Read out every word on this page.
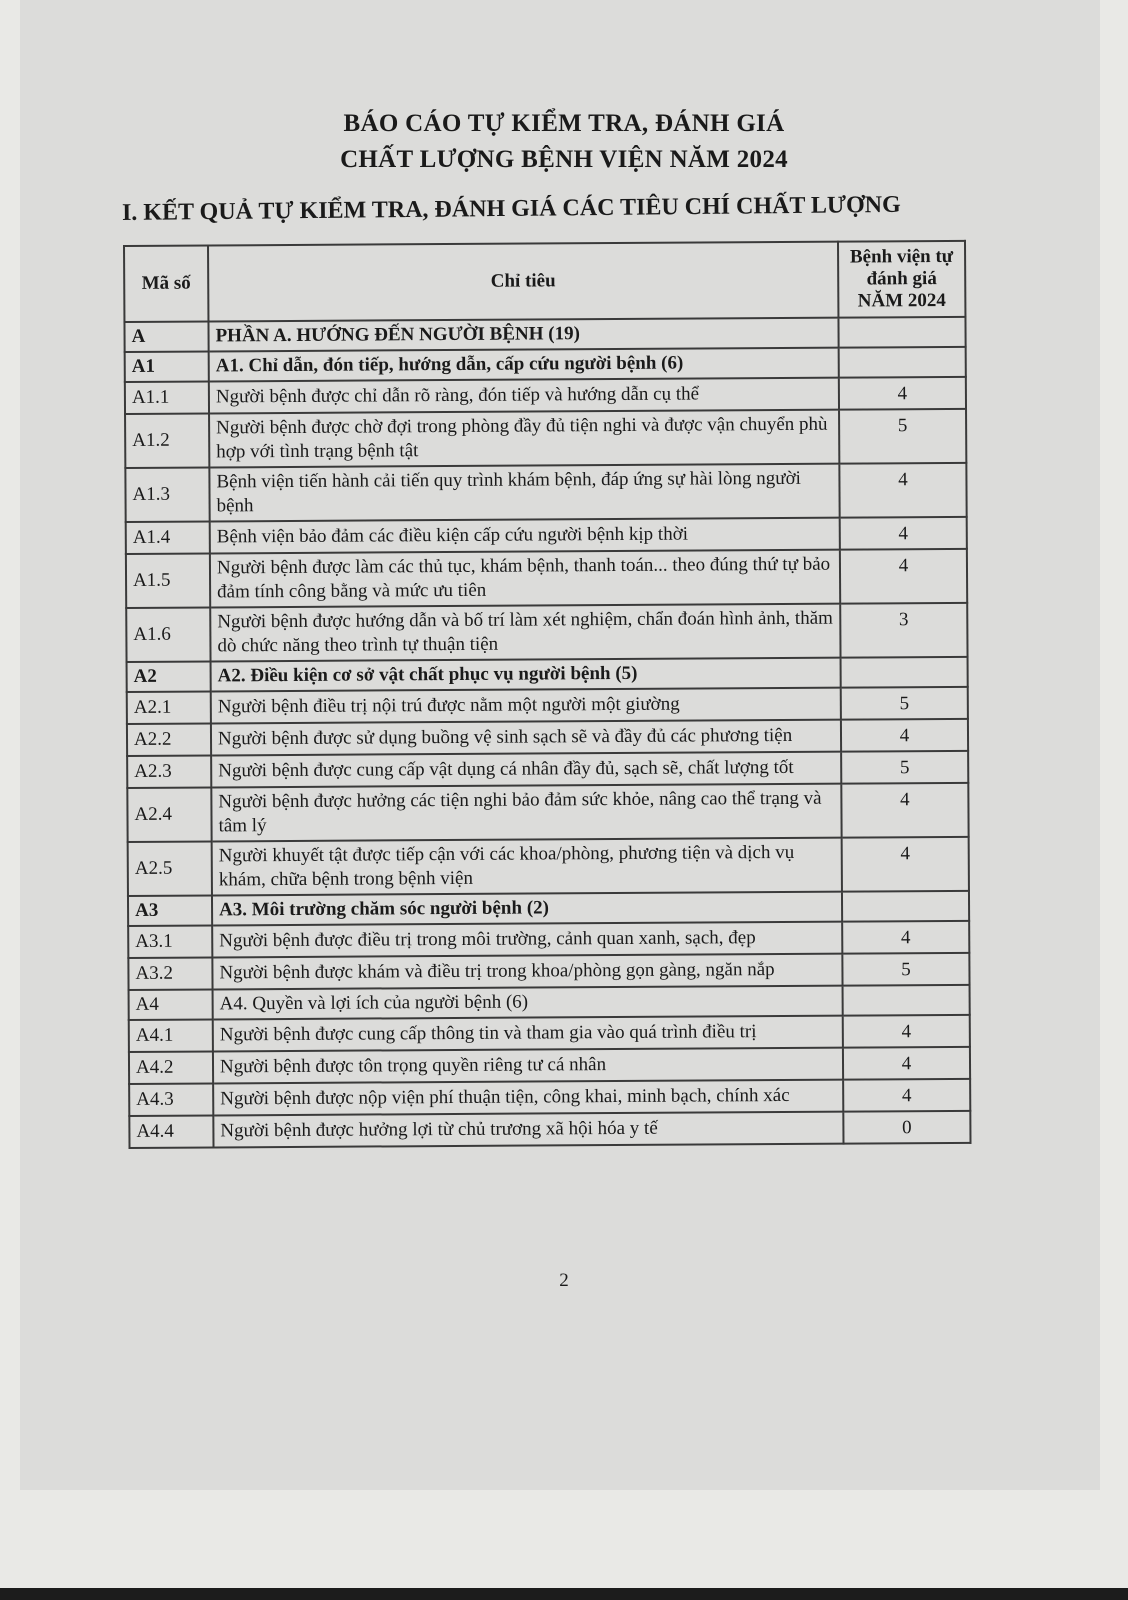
BÁO CÁO TỰ KIỂM TRA, ĐÁNH GIÁ
CHẤT LƯỢNG BỆNH VIỆN NĂM 2024
I. KẾT QUẢ TỰ KIỂM TRA, ĐÁNH GIÁ CÁC TIÊU CHÍ CHẤT LƯỢNG
Mã số	Chỉ tiêu	Bệnh viện tự
đánh giá
NĂM 2024

A	PHẦN A. HƯỚNG ĐẾN NGƯỜI BỆNH (19)	
A1	A1. Chỉ dẫn, đón tiếp, hướng dẫn, cấp cứu người bệnh (6)	
A1.1	Người bệnh được chỉ dẫn rõ ràng, đón tiếp và hướng dẫn cụ thể	4
A1.2	Người bệnh được chờ đợi trong phòng đầy đủ tiện nghi và được vận chuyển phù hợp với tình trạng bệnh tật	5
A1.3	Bệnh viện tiến hành cải tiến quy trình khám bệnh, đáp ứng sự hài lòng người bệnh	4
A1.4	Bệnh viện bảo đảm các điều kiện cấp cứu người bệnh kịp thời	4
A1.5	Người bệnh được làm các thủ tục, khám bệnh, thanh toán... theo đúng thứ tự bảo đảm tính công bằng và mức ưu tiên	4
A1.6	Người bệnh được hướng dẫn và bố trí làm xét nghiệm, chẩn đoán hình ảnh, thăm dò chức năng theo trình tự thuận tiện	3
A2	A2. Điều kiện cơ sở vật chất phục vụ người bệnh (5)	
A2.1	Người bệnh điều trị nội trú được nằm một người một giường	5
A2.2	Người bệnh được sử dụng buồng vệ sinh sạch sẽ và đầy đủ các phương tiện	4
A2.3	Người bệnh được cung cấp vật dụng cá nhân đầy đủ, sạch sẽ, chất lượng tốt	5
A2.4	Người bệnh được hưởng các tiện nghi bảo đảm sức khỏe, nâng cao thể trạng và tâm lý	4
A2.5	Người khuyết tật được tiếp cận với các khoa/phòng, phương tiện và dịch vụ khám, chữa bệnh trong bệnh viện	4
A3	A3. Môi trường chăm sóc người bệnh (2)	
A3.1	Người bệnh được điều trị trong môi trường, cảnh quan xanh, sạch, đẹp	4
A3.2	Người bệnh được khám và điều trị trong khoa/phòng gọn gàng, ngăn nắp	5
A4	A4. Quyền và lợi ích của người bệnh (6)	
A4.1	Người bệnh được cung cấp thông tin và tham gia vào quá trình điều trị	4
A4.2	Người bệnh được tôn trọng quyền riêng tư cá nhân	4
A4.3	Người bệnh được nộp viện phí thuận tiện, công khai, minh bạch, chính xác	4
A4.4	Người bệnh được hưởng lợi từ chủ trương xã hội hóa y tế	0
2
